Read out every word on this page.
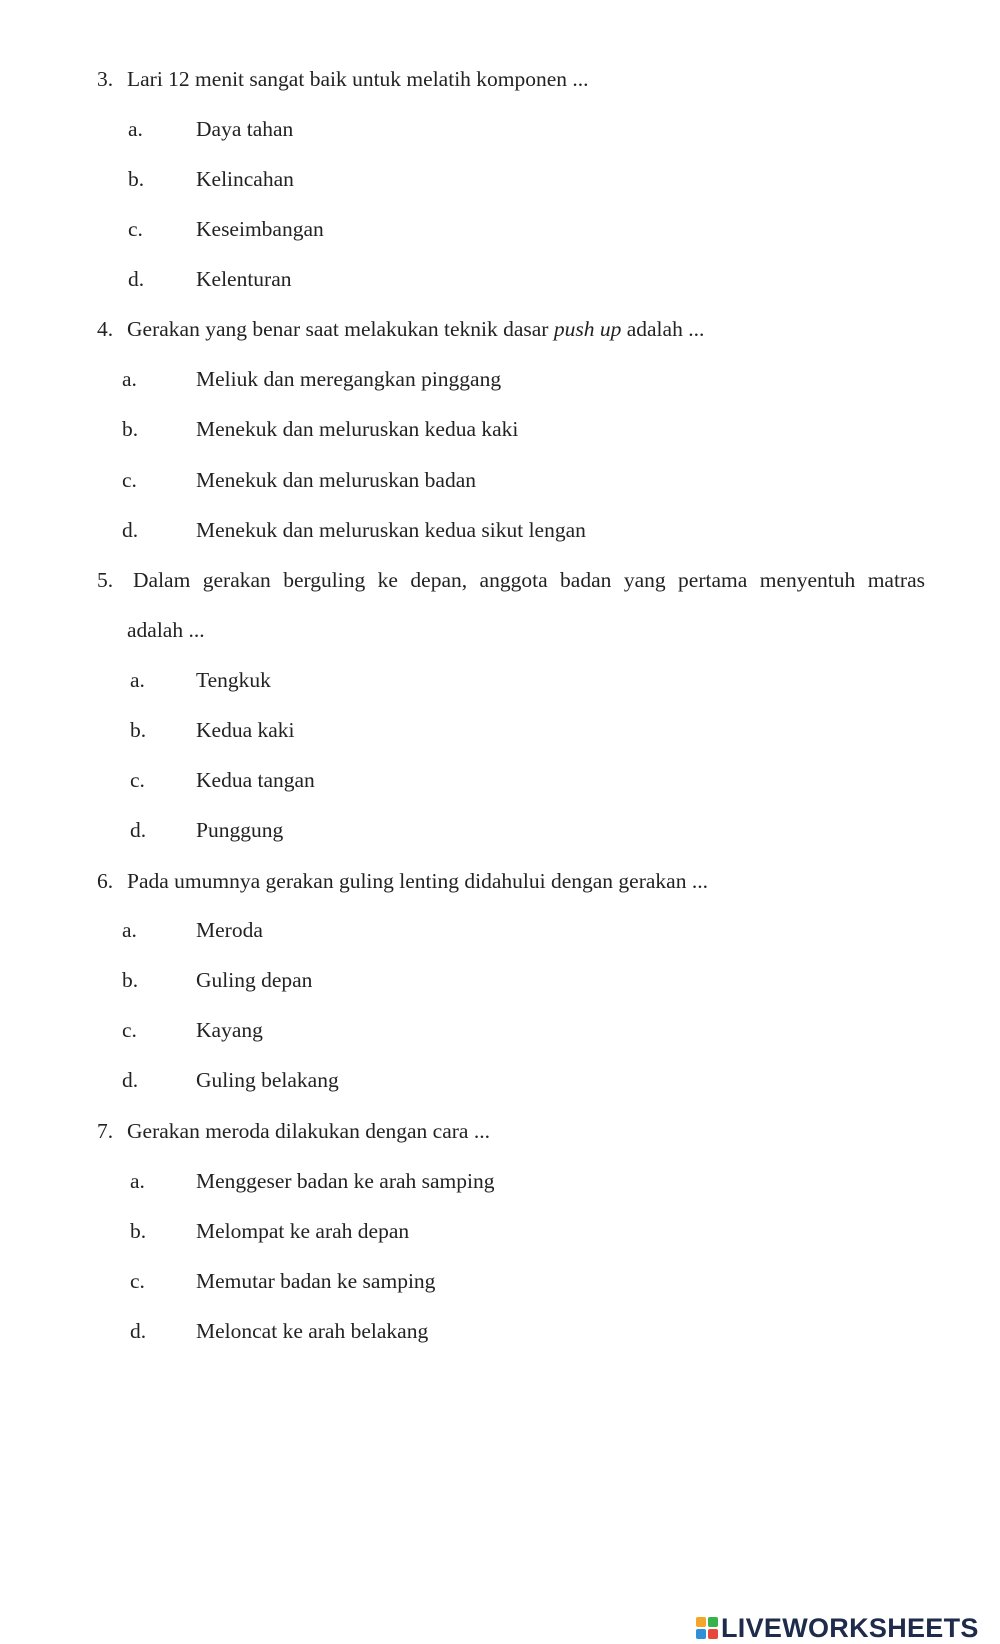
3. Lari 12 menit sangat baik untuk melatih komponen ...
a. Daya tahan
b. Kelincahan
c. Keseimbangan
d. Kelenturan
4. Gerakan yang benar saat melakukan teknik dasar push up adalah ...
a.	Meliuk dan meregangkan pinggang
b.	Menekuk dan meluruskan kedua kaki
c.	Menekuk dan meluruskan badan
d.	Menekuk dan meluruskan kedua sikut lengan
5. Dalam gerakan berguling ke depan, anggota badan yang pertama menyentuh matras
adalah ...
a. Tengkuk
b. Kedua kaki
c. Kedua tangan
d. Punggung
6. Pada umumnya gerakan guling lenting didahului dengan gerakan ...
a.	Meroda
b.	Guling depan
c.	Kayang
d.	Guling belakang
7. Gerakan meroda dilakukan dengan cara ...
a. Menggeser badan ke arah samping
b. Melompat ke arah depan
c. Memutar badan ke samping
d. Meloncat ke arah belakang
LIVEWORKSHEETS
